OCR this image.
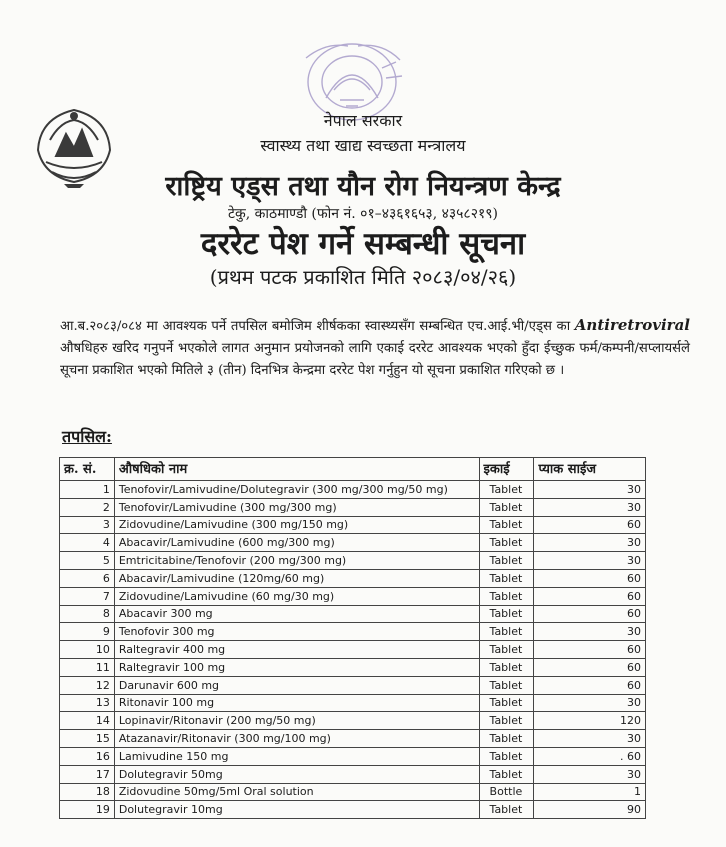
नेपाल सरकार
स्वास्थ्य तथा खाद्य स्वच्छता मन्त्रालय
राष्ट्रिय एड्स तथा यौन रोग नियन्त्रण केन्द्र
टेकु, काठमाण्डौ (फोन नं. ०१–४३६१६५३, ४३५८२१९)
दररेट पेश गर्ने सम्बन्धी सूचना
(प्रथम पटक प्रकाशित मिति २०८३/०४/२६)

आ.ब.२०८३/०८४ मा आवश्यक पर्ने तपसिल बमोजिम शीर्षकका स्वास्थ्यसँग सम्बन्धित एच.आई.भी/एड्स का Antiretroviral औषधिहरु खरिद गनुपर्ने भएकोले लागत अनुमान प्रयोजनको लागि एकाई दररेट आवश्यक भएको हुँदा ईच्छुक फर्म/कम्पनी/सप्लायर्सले सूचना प्रकाशित भएको मितिले ३ (तीन) दिनभित्र केन्द्रमा दररेट पेश गर्नुहुन यो सूचना प्रकाशित गरिएको छ ।

तपसिल:

क्र. सं.	औषधिको नाम	इकाई	प्याक साईज
1	Tenofovir/Lamivudine/Dolutegravir (300 mg/300 mg/50 mg)	Tablet	30
2	Tenofovir/Lamivudine (300 mg/300 mg)	Tablet	30
3	Zidovudine/Lamivudine (300 mg/150 mg)	Tablet	60
4	Abacavir/Lamivudine (600 mg/300 mg)	Tablet	30
5	Emtricitabine/Tenofovir (200 mg/300 mg)	Tablet	30
6	Abacavir/Lamivudine (120mg/60 mg)	Tablet	60
7	Zidovudine/Lamivudine (60 mg/30 mg)	Tablet	60
8	Abacavir 300 mg	Tablet	60
9	Tenofovir 300 mg	Tablet	30
10	Raltegravir 400 mg	Tablet	60
11	Raltegravir 100 mg	Tablet	60
12	Darunavir 600 mg	Tablet	60
13	Ritonavir 100 mg	Tablet	30
14	Lopinavir/Ritonavir (200 mg/50 mg)	Tablet	120
15	Atazanavir/Ritonavir (300 mg/100 mg)	Tablet	30
16	Lamivudine 150 mg	Tablet	. 60
17	Dolutegravir 50mg	Tablet	30
18	Zidovudine 50mg/5ml Oral solution	Bottle	1
19	Dolutegravir 10mg	Tablet	90
